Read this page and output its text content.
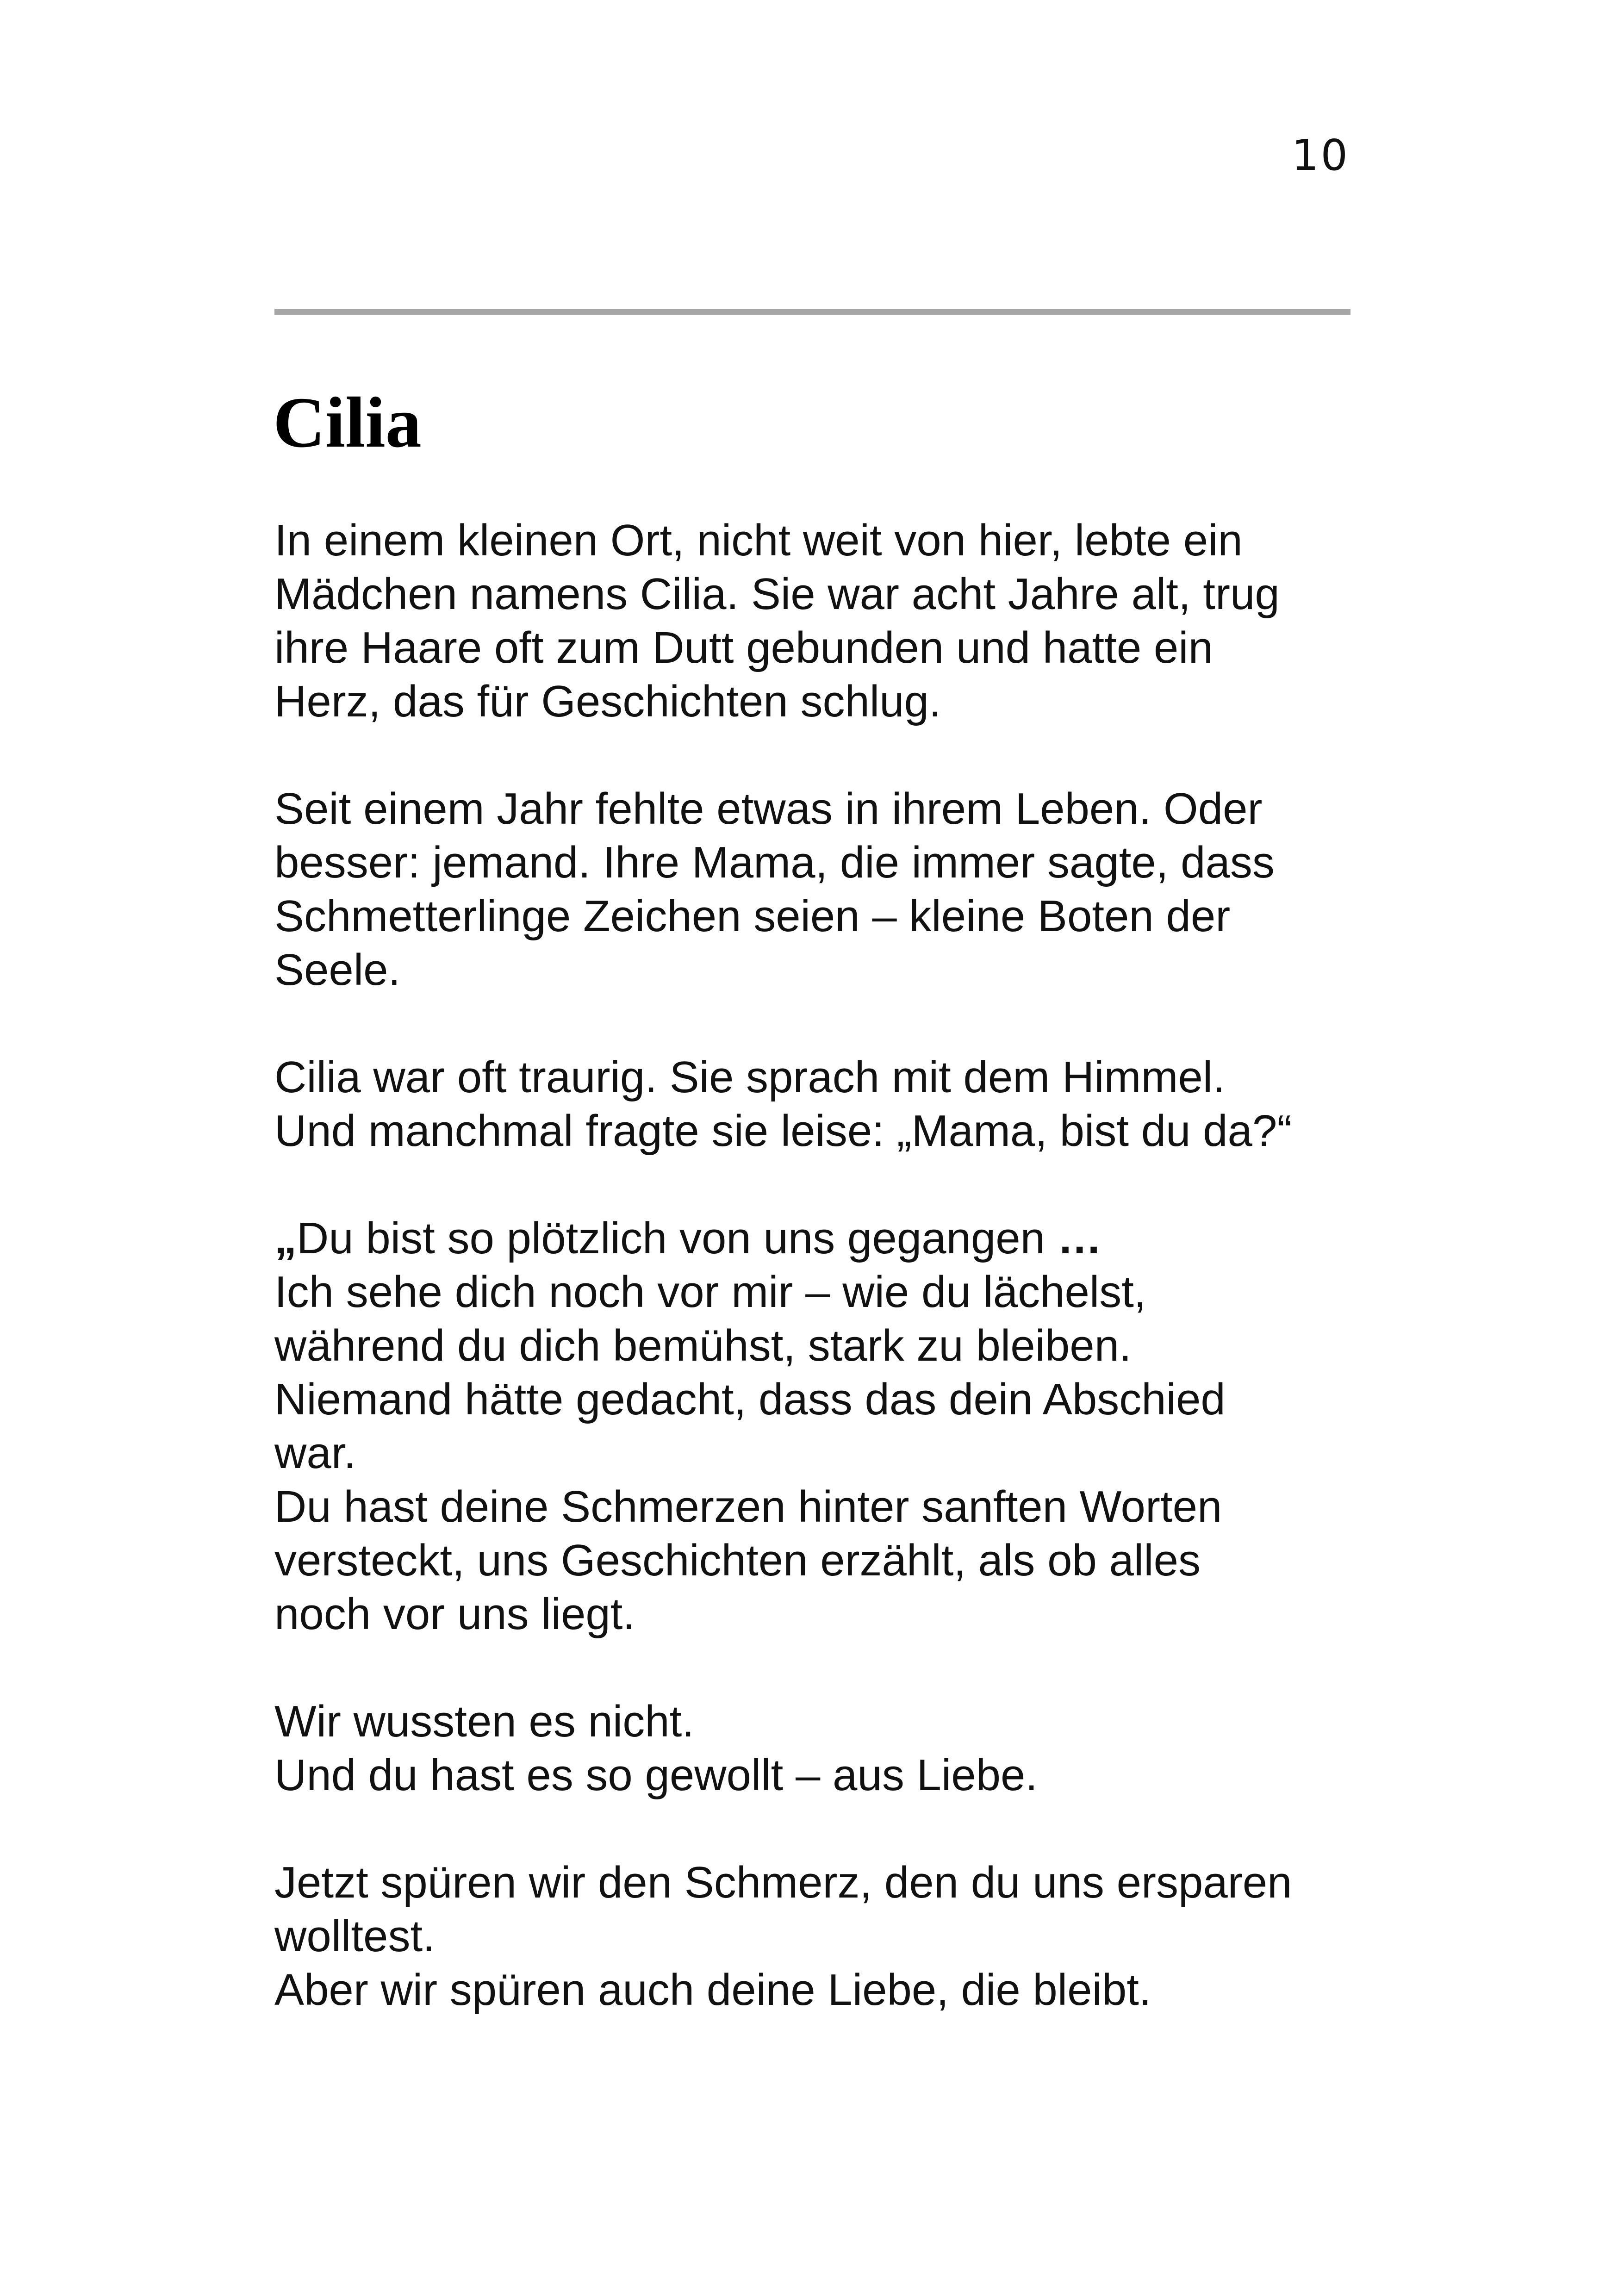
10
Cilia

In einem kleinen Ort, nicht weit von hier, lebte ein
Mädchen namens Cilia. Sie war acht Jahre alt, trug
ihre Haare oft zum Dutt gebunden und hatte ein
Herz, das für Geschichten schlug.

Seit einem Jahr fehlte etwas in ihrem Leben. Oder
besser: jemand. Ihre Mama, die immer sagte, dass
Schmetterlinge Zeichen seien – kleine Boten der
Seele.

Cilia war oft traurig. Sie sprach mit dem Himmel.
Und manchmal fragte sie leise: „Mama, bist du da?“

„Du bist so plötzlich von uns gegangen …
Ich sehe dich noch vor mir – wie du lächelst,
während du dich bemühst, stark zu bleiben.
Niemand hätte gedacht, dass das dein Abschied
war.
Du hast deine Schmerzen hinter sanften Worten
versteckt, uns Geschichten erzählt, als ob alles
noch vor uns liegt.

Wir wussten es nicht.
Und du hast es so gewollt – aus Liebe.

Jetzt spüren wir den Schmerz, den du uns ersparen
wolltest.
Aber wir spüren auch deine Liebe, die bleibt.
